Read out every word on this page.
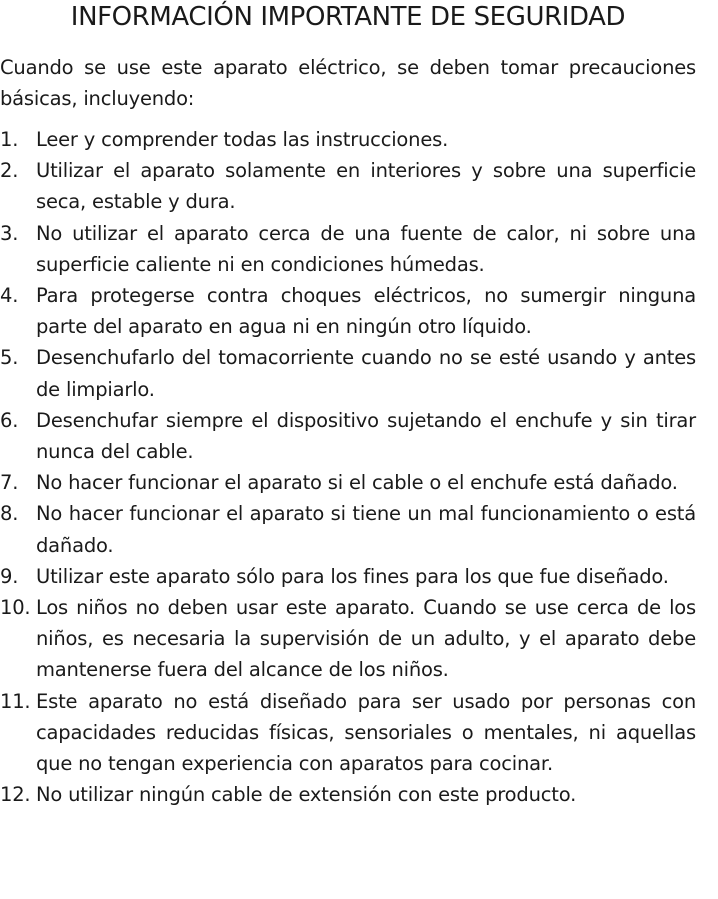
INFORMACIÓN IMPORTANTE DE SEGURIDAD

Cuando se use este aparato eléctrico, se deben tomar precauciones básicas, incluyendo:

1. Leer y comprender todas las instrucciones.
2. Utilizar el aparato solamente en interiores y sobre una superficie seca, estable y dura.
3. No utilizar el aparato cerca de una fuente de calor, ni sobre una superficie caliente ni en condiciones húmedas.
4. Para protegerse contra choques eléctricos, no sumergir ninguna parte del aparato en agua ni en ningún otro líquido.
5. Desenchufarlo del tomacorriente cuando no se esté usando y antes de limpiarlo.
6. Desenchufar siempre el dispositivo sujetando el enchufe y sin tirar nunca del cable.
7. No hacer funcionar el aparato si el cable o el enchufe está dañado.
8. No hacer funcionar el aparato si tiene un mal funcionamiento o está dañado.
9. Utilizar este aparato sólo para los fines para los que fue diseñado.
10. Los niños no deben usar este aparato. Cuando se use cerca de los niños, es necesaria la supervisión de un adulto, y el aparato debe mantenerse fuera del alcance de los niños.
11. Este aparato no está diseñado para ser usado por personas con capacidades reducidas físicas, sensoriales o mentales, ni aquellas que no tengan experiencia con aparatos para cocinar.
12. No utilizar ningún cable de extensión con este producto.
